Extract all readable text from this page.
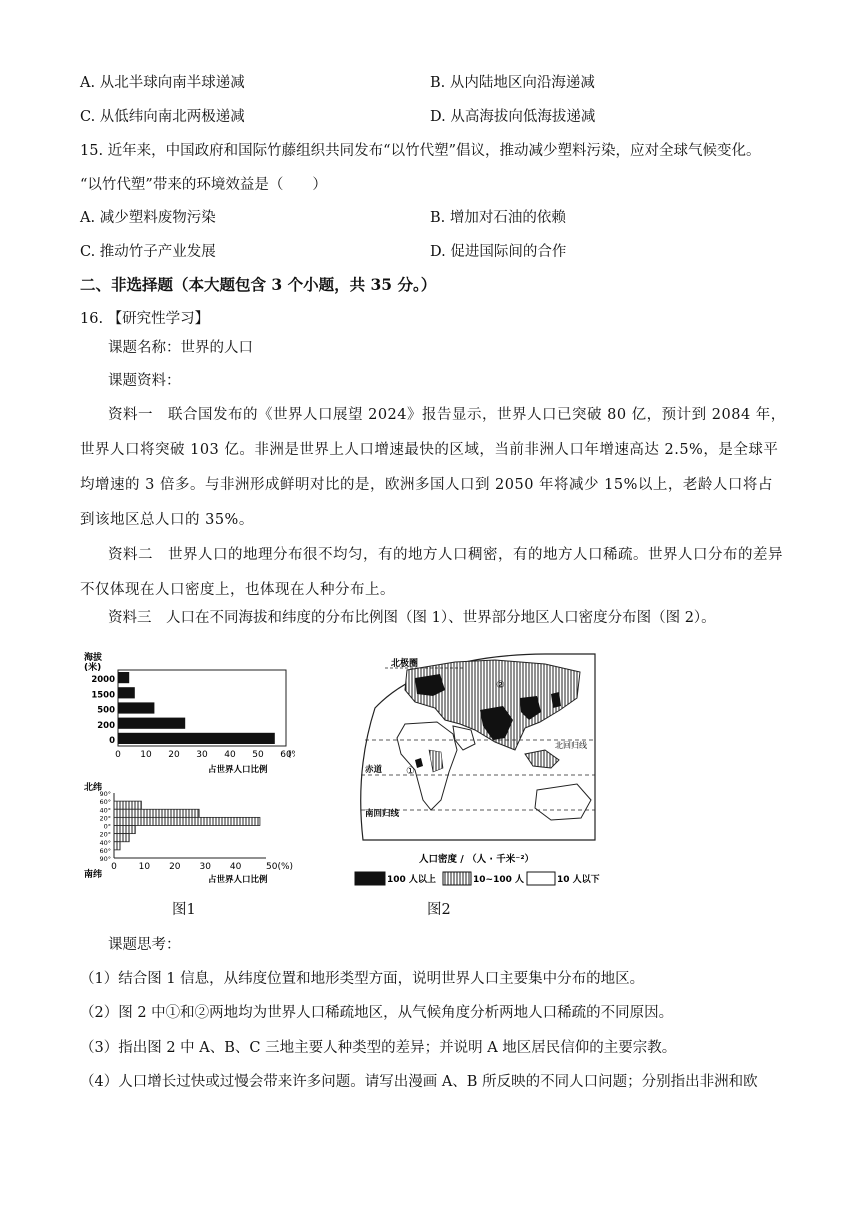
A. 从北半球向南半球递减	B. 从内陆地区向沿海递减
C. 从低纬向南北两极递减	D. 从高海拔向低海拔递减
15. 近年来，中国政府和国际竹藤组织共同发布“以竹代塑”倡议，推动减少塑料污染，应对全球气候变化。
“以竹代塑”带来的环境效益是（　　）
A. 减少塑料废物污染	B. 增加对石油的依赖
C. 推动竹子产业发展	D. 促进国际间的合作
二、非选择题（本大题包含 3 个小题，共 35 分。）
16. 【研究性学习】
课题名称：世界的人口
课题资料：
资料一　联合国发布的《世界人口展望 2024》报告显示，世界人口已突破 80 亿，预计到 2084 年，世界人口将突破 103 亿。非洲是世界上人口增速最快的区域，当前非洲人口年增速高达 2.5%，是全球平均增速的 3 倍多。与非洲形成鲜明对比的是，欧洲多国人口到 2050 年将减少 15%以上，老龄人口将占到该地区总人口的 35%。
资料二　世界人口的地理分布很不均匀，有的地方人口稠密，有的地方人口稀疏。世界人口分布的差异不仅体现在人口密度上，也体现在人种分布上。
资料三　人口在不同海拔和纬度的分布比例图（图 1）、世界部分地区人口密度分布图（图 2）。
海拔
(米)
2000
1500
500
200
0
0 10 20 30 40 50 60
(
占世界人口比例
北纬
南纬
90°
60°
40°
20°
0°
20°
40°
60°
90°
0 10 20 30 40	50(%)
占世界人口比例
图1
北极圈
北回归线
赤道
南回归线
①
②
人口密度 / （人 · 千米⁻²）
100 人以上	10~100 人	10 人以下
图2
课题思考：
（1）结合图 1 信息，从纬度位置和地形类型方面，说明世界人口主要集中分布的地区。
（2）图 2 中①和②两地均为世界人口稀疏地区，从气候角度分析两地人口稀疏的不同原因。
（3）指出图 2 中 A、B、C 三地主要人种类型的差异；并说明 A 地区居民信仰的主要宗教。
（4）人口增长过快或过慢会带来许多问题。请写出漫画 A、B 所反映的不同人口问题；分别指出非洲和欧
